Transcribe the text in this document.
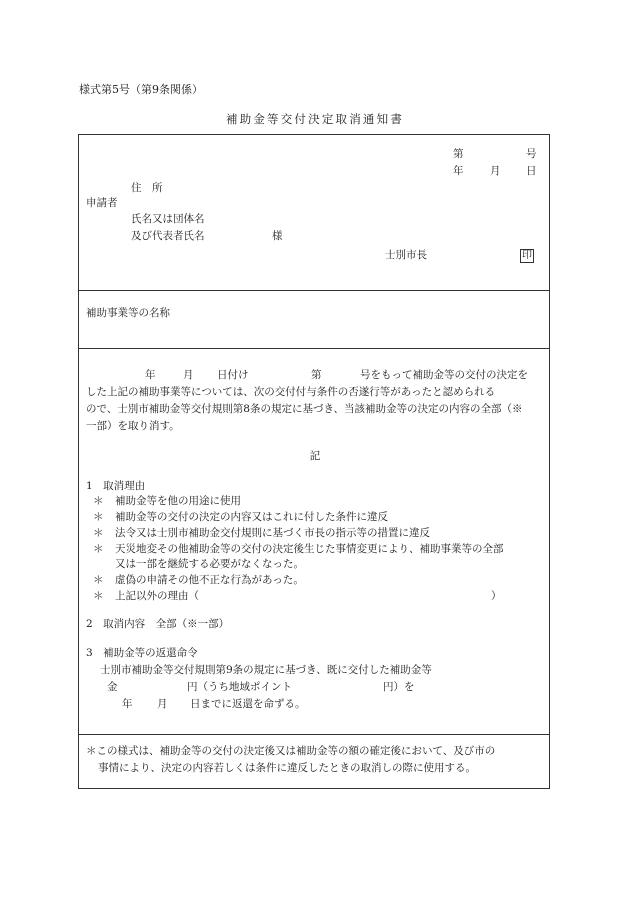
様式第5号（第9条関係）
補助金等交付決定取消通知書
第	号
年	月 日
住　所
申請者
氏名又は団体名
及び代表者氏名	様
士別市長	印
補助事業等の名称
年	月 日付け	第	号をもって補助金等の交付の決定を
した上記の補助事業等については、次の交付付与条件の否遂行等があったと認められる
ので、士別市補助金等交付規則第8条の規定に基づき、当該補助金等の決定の内容の全部（※
一部）を取り消す。
記
1　取消理由
＊ 補助金等を他の用途に使用
＊ 補助金等の交付の決定の内容又はこれに付した条件に違反
＊ 法令又は士別市補助金交付規則に基づく市長の指示等の措置に違反
＊ 天災地変その他補助金等の交付の決定後生じた事情変更により、補助事業等の全部
又は一部を継続する必要がなくなった。
＊ 虚偽の申請その他不正な行為があった。
＊ 上記以外の理由（	）
2　取消内容　全部（※一部）
3　補助金等の返還命令
士別市補助金等交付規則第9条の規定に基づき、既に交付した補助金等
金	円（うち地域ポイント	円）を
年 月 日までに返還を命ずる。
＊この様式は、補助金等の交付の決定後又は補助金等の額の確定後において、及び市の
事情により、決定の内容若しくは条件に違反したときの取消しの際に使用する。
